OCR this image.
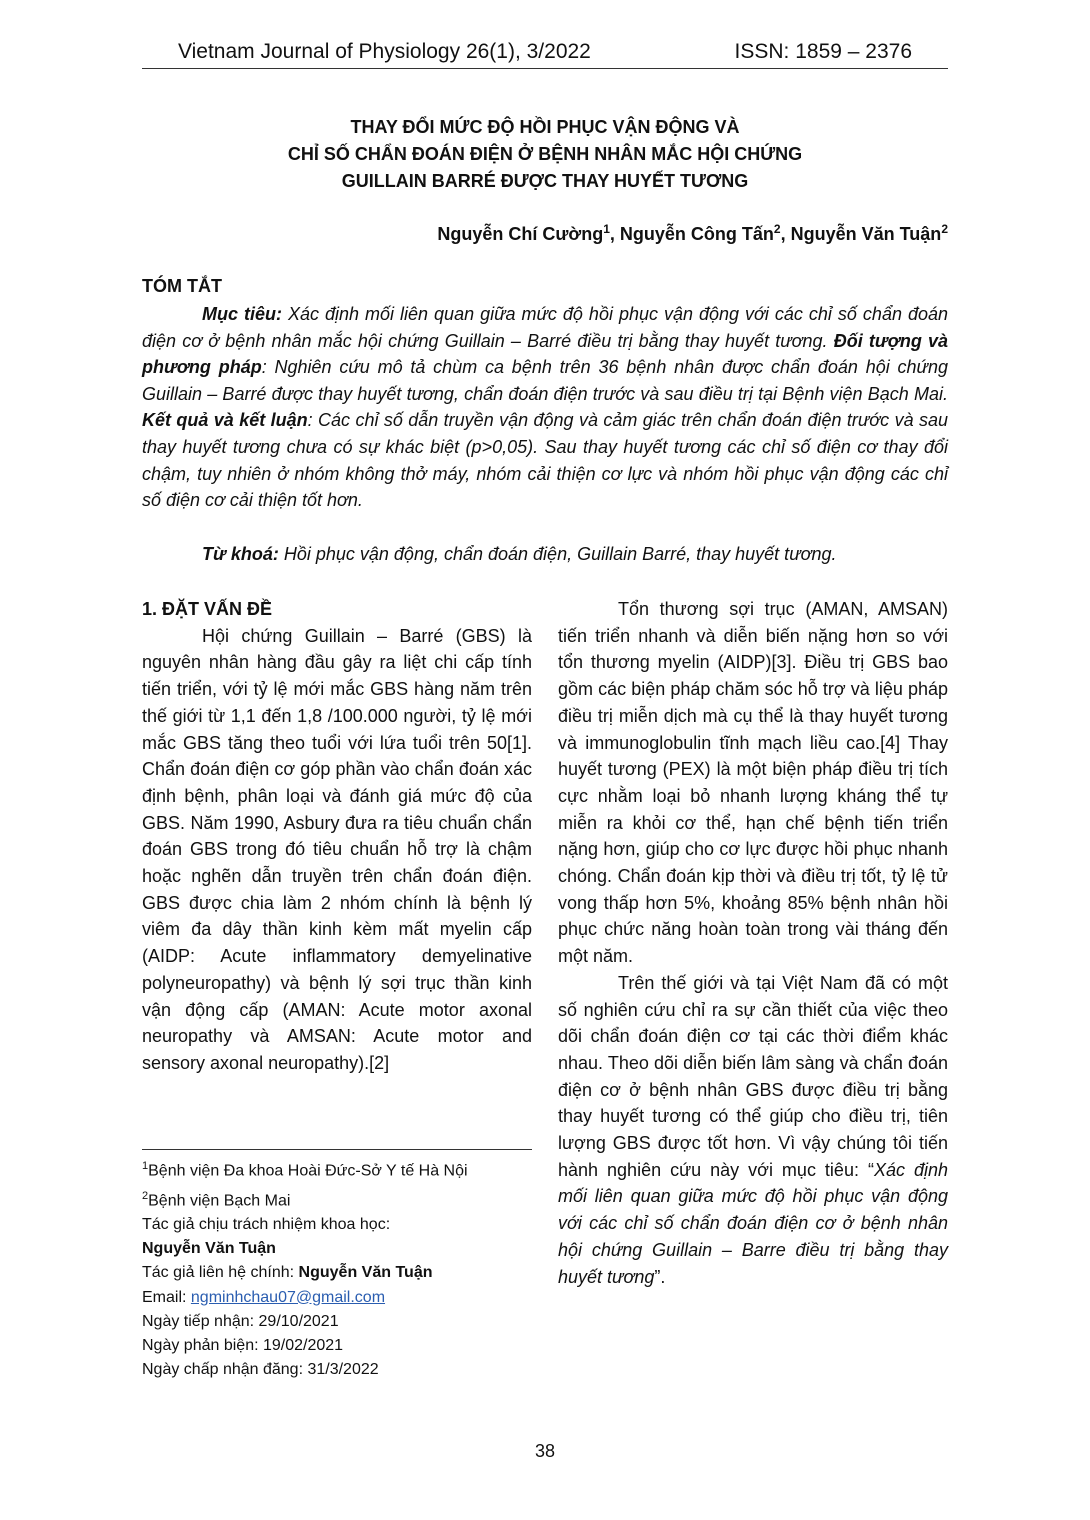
Vietnam Journal of Physiology 26(1), 3/2022	ISSN: 1859 – 2376
THAY ĐỔI MỨC ĐỘ HỒI PHỤC VẬN ĐỘNG VÀ
CHỈ SỐ CHẨN ĐOÁN ĐIỆN Ở BỆNH NHÂN MẮC HỘI CHỨNG
GUILLAIN BARRÉ ĐƯỢC THAY HUYẾT TƯƠNG
Nguyễn Chí Cường$^1$, Nguyễn Công Tấn$^2$, Nguyễn Văn Tuận$^2$
TÓM TẮT

Mục tiêu: Xác định mối liên quan giữa mức độ hồi phục vận động với các chỉ số chẩn đoán điện cơ ở bệnh nhân mắc hội chứng Guillain – Barré điều trị bằng thay huyết tương. Đối tượng và phương pháp: Nghiên cứu mô tả chùm ca bệnh trên 36 bệnh nhân được chẩn đoán hội chứng Guillain – Barré được thay huyết tương, chẩn đoán điện trước và sau điều trị tại Bệnh viện Bạch Mai. Kết quả và kết luận: Các chỉ số dẫn truyền vận động và cảm giác trên chẩn đoán điện trước và sau thay huyết tương chưa có sự khác biệt (p>0,05). Sau thay huyết tương các chỉ số điện cơ thay đổi chậm, tuy nhiên ở nhóm không thở máy, nhóm cải thiện cơ lực và nhóm hồi phục vận động các chỉ số điện cơ cải thiện tốt hơn.

Từ khoá: Hồi phục vận động, chẩn đoán điện, Guillain Barré, thay huyết tương.

1. ĐẶT VẤN ĐỀ

Hội chứng Guillain – Barré (GBS) là nguyên nhân hàng đầu gây ra liệt chi cấp tính tiến triển, với tỷ lệ mới mắc GBS hàng năm trên thế giới từ 1,1 đến 1,8 /100.000 người, tỷ lệ mới mắc GBS tăng theo tuổi với lứa tuổi trên 50[1]. Chẩn đoán điện cơ góp phần vào chẩn đoán xác định bệnh, phân loại và đánh giá mức độ của GBS. Năm 1990, Asbury đưa ra tiêu chuẩn chẩn đoán GBS trong đó tiêu chuẩn hỗ trợ là chậm hoặc nghẽn dẫn truyền trên chẩn đoán điện. GBS được chia làm 2 nhóm chính là bệnh lý viêm đa dây thần kinh kèm mất myelin cấp (AIDP: Acute inflammatory demyelinative polyneuropathy) và bệnh lý sợi trục thần kinh vận động cấp (AMAN: Acute motor axonal neuropathy và AMSAN: Acute motor and sensory axonal neuropathy).[2]

Tổn thương sợi trục (AMAN, AMSAN) tiến triển nhanh và diễn biến nặng hơn so với tổn thương myelin (AIDP)[3]. Điều trị GBS bao gồm các biện pháp chăm sóc hỗ trợ và liệu pháp điều trị miễn dịch mà cụ thể là thay huyết tương và immunoglobulin tĩnh mạch liều cao.[4] Thay huyết tương (PEX) là một biện pháp điều trị tích cực nhằm loại bỏ nhanh lượng kháng thể tự miễn ra khỏi cơ thể, hạn chế bệnh tiến triển nặng hơn, giúp cho cơ lực được hồi phục nhanh chóng. Chẩn đoán kịp thời và điều trị tốt, tỷ lệ tử vong thấp hơn 5%, khoảng 85% bệnh nhân hồi phục chức năng hoàn toàn trong vài tháng đến một năm.

Trên thế giới và tại Việt Nam đã có một số nghiên cứu chỉ ra sự cần thiết của việc theo dõi chẩn đoán điện cơ tại các thời điểm khác nhau. Theo dõi diễn biến lâm sàng và chẩn đoán điện cơ ở bệnh nhân GBS được điều trị bằng thay huyết tương có thể giúp cho điều trị, tiên lượng GBS được tốt hơn. Vì vậy chúng tôi tiến hành nghiên cứu này với mục tiêu: “Xác định mối liên quan giữa mức độ hồi phục vận động với các chỉ số chẩn đoán điện cơ ở bệnh nhân hội chứng Guillain – Barre điều trị bằng thay huyết tương”.

$^1$Bệnh viện Đa khoa Hoài Đức-Sở Y tế Hà Nội
$^2$Bệnh viện Bạch Mai
Tác giả chịu trách nhiệm khoa học:
Nguyễn Văn Tuận
Tác giả liên hệ chính: Nguyễn Văn Tuận
Email: ngminhchau07@gmail.com
Ngày tiếp nhận: 29/10/2021
Ngày phản biện: 19/02/2021
Ngày chấp nhận đăng: 31/3/2022
38
